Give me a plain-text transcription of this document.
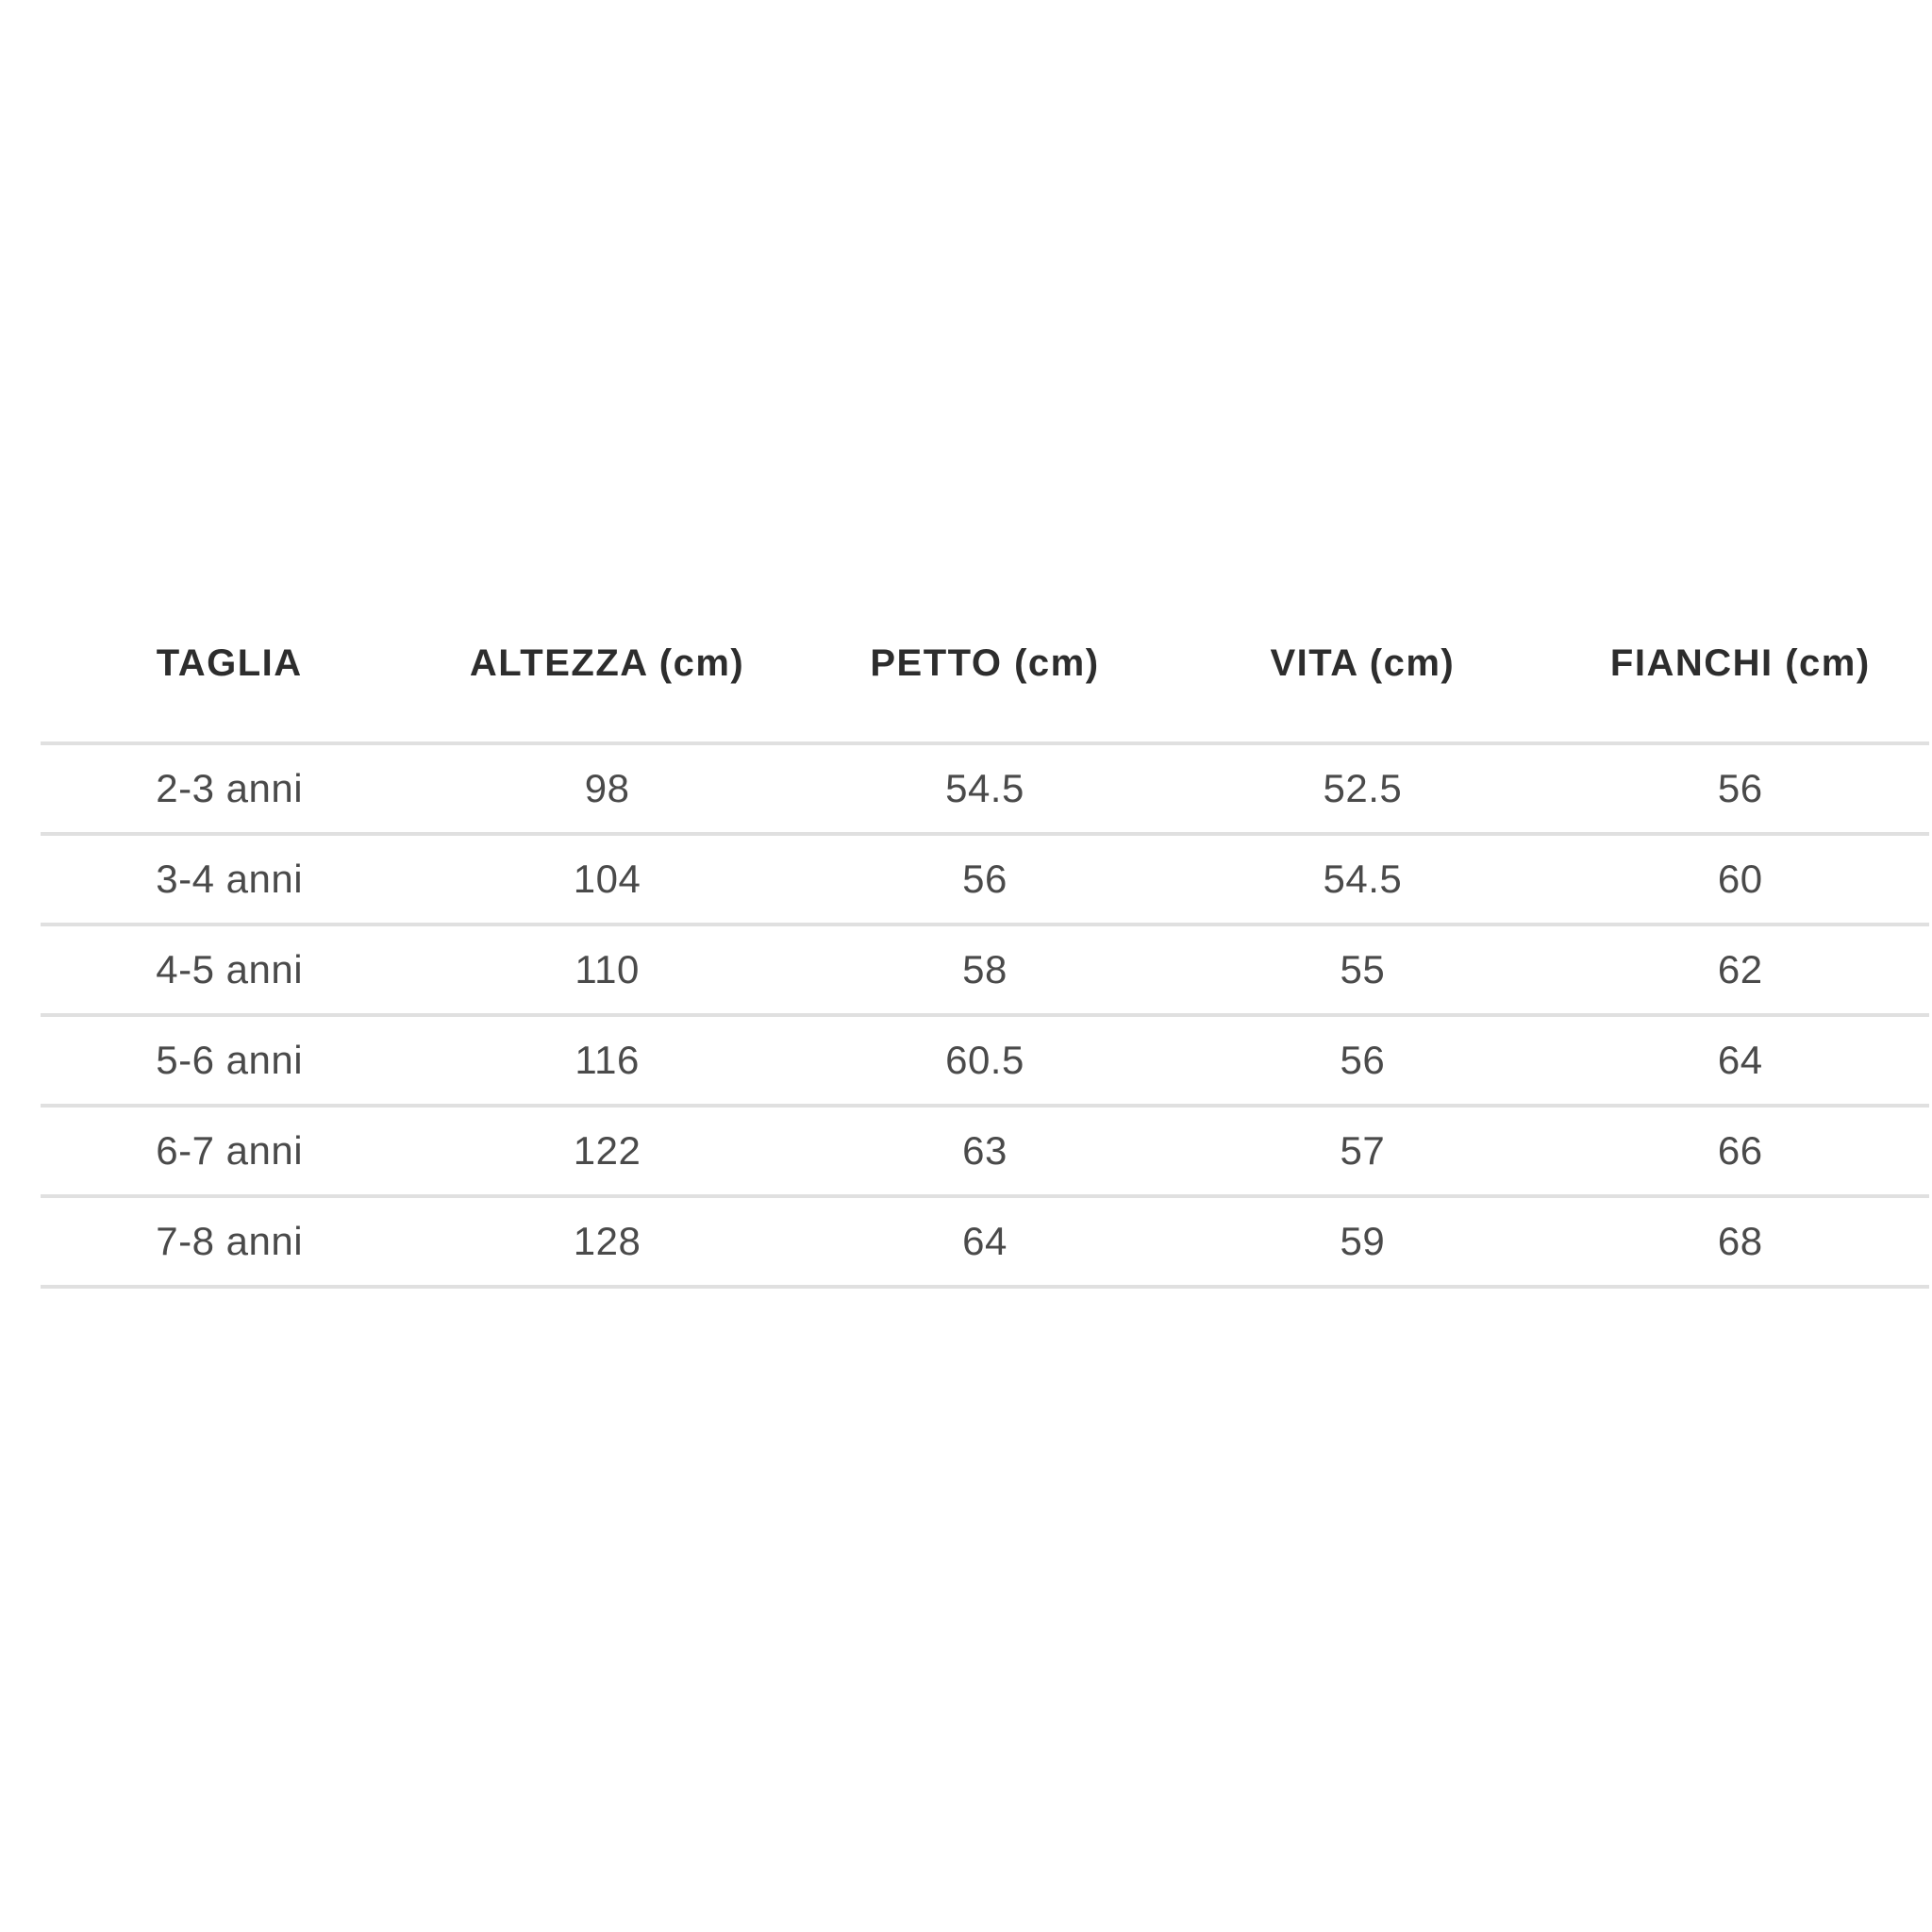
TAGLIA	ALTEZZA (cm)	PETTO (cm)	VITA (cm)	FIANCHI (cm)
2-3 anni	98	54.5	52.5	56
3-4 anni	104	56	54.5	60
4-5 anni	110	58	55	62
5-6 anni	116	60.5	56	64
6-7 anni	122	63	57	66
7-8 anni	128	64	59	68
